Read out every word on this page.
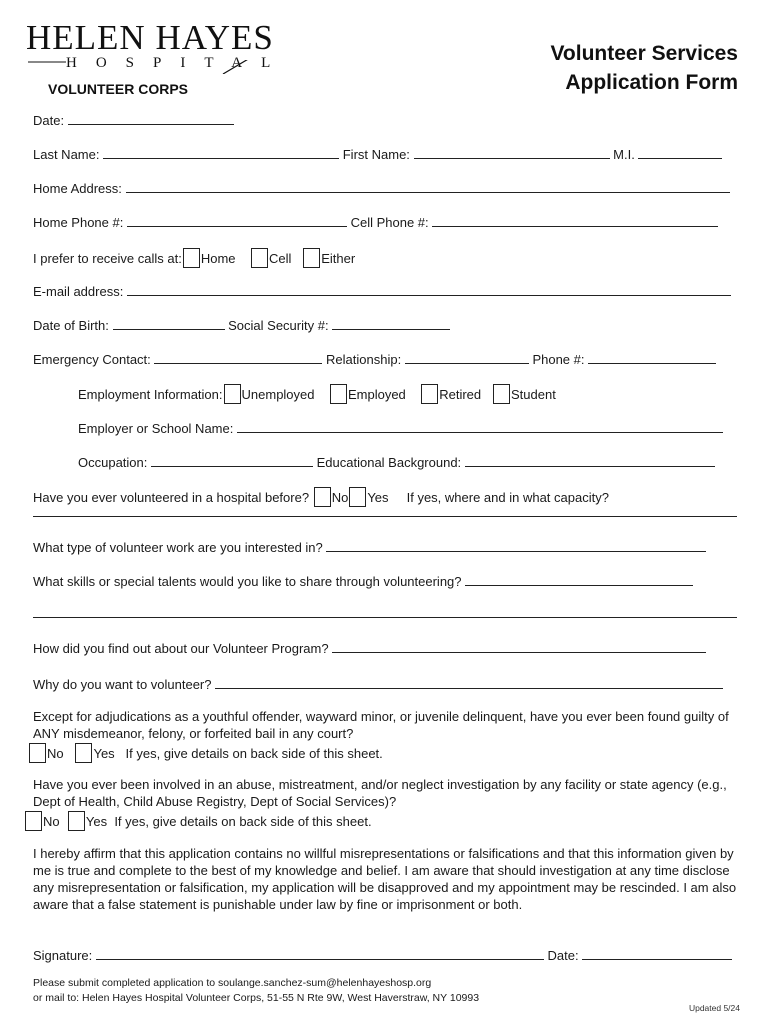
HELEN HAYES
HOSPITAL
VOLUNTEER CORPS
Volunteer Services
Application Form
Date:
Last Name:	First Name:	M.I.
Home Address:
Home Phone #:	Cell Phone #:
I prefer to receive calls at: Home	Cell Either
E-mail address:
Date of Birth:	Social Security #:
Emergency Contact:	Relationship:	Phone #:
Employment Information: Unemployed	Employed	Retired Student
Employer or School Name:
Occupation:	Educational Background:
Have you ever volunteered in a hospital before? No Yes If yes, where and in what capacity?
What type of volunteer work are you interested in?
What skills or special talents would you like to share through volunteering?
How did you find out about our Volunteer Program?
Why do you want to volunteer?
Except for adjudications as a youthful offender, wayward minor, or juvenile delinquent, have you ever been found guilty of ANY misdemeanor, felony, or forfeited bail in any court?
No Yes If yes, give details on back side of this sheet.
Have you ever been involved in an abuse, mistreatment, and/or neglect investigation by any facility or state agency (e.g., Dept of Health, Child Abuse Registry, Dept of Social Services)?
No Yes If yes, give details on back side of this sheet.
I hereby affirm that this application contains no willful misrepresentations or falsifications and that this information given by me is true and complete to the best of my knowledge and belief. I am aware that should investigation at any time disclose any misrepresentation or falsification, my application will be disapproved and my appointment may be rescinded. I am also aware that a false statement is punishable under law by fine or imprisonment or both.
Signature:	Date:
Please submit completed application to soulange.sanchez-sum@helenhayeshosp.org
or mail to: Helen Hayes Hospital Volunteer Corps, 51-55 N Rte 9W, West Haverstraw, NY 10993
Updated 5/24
